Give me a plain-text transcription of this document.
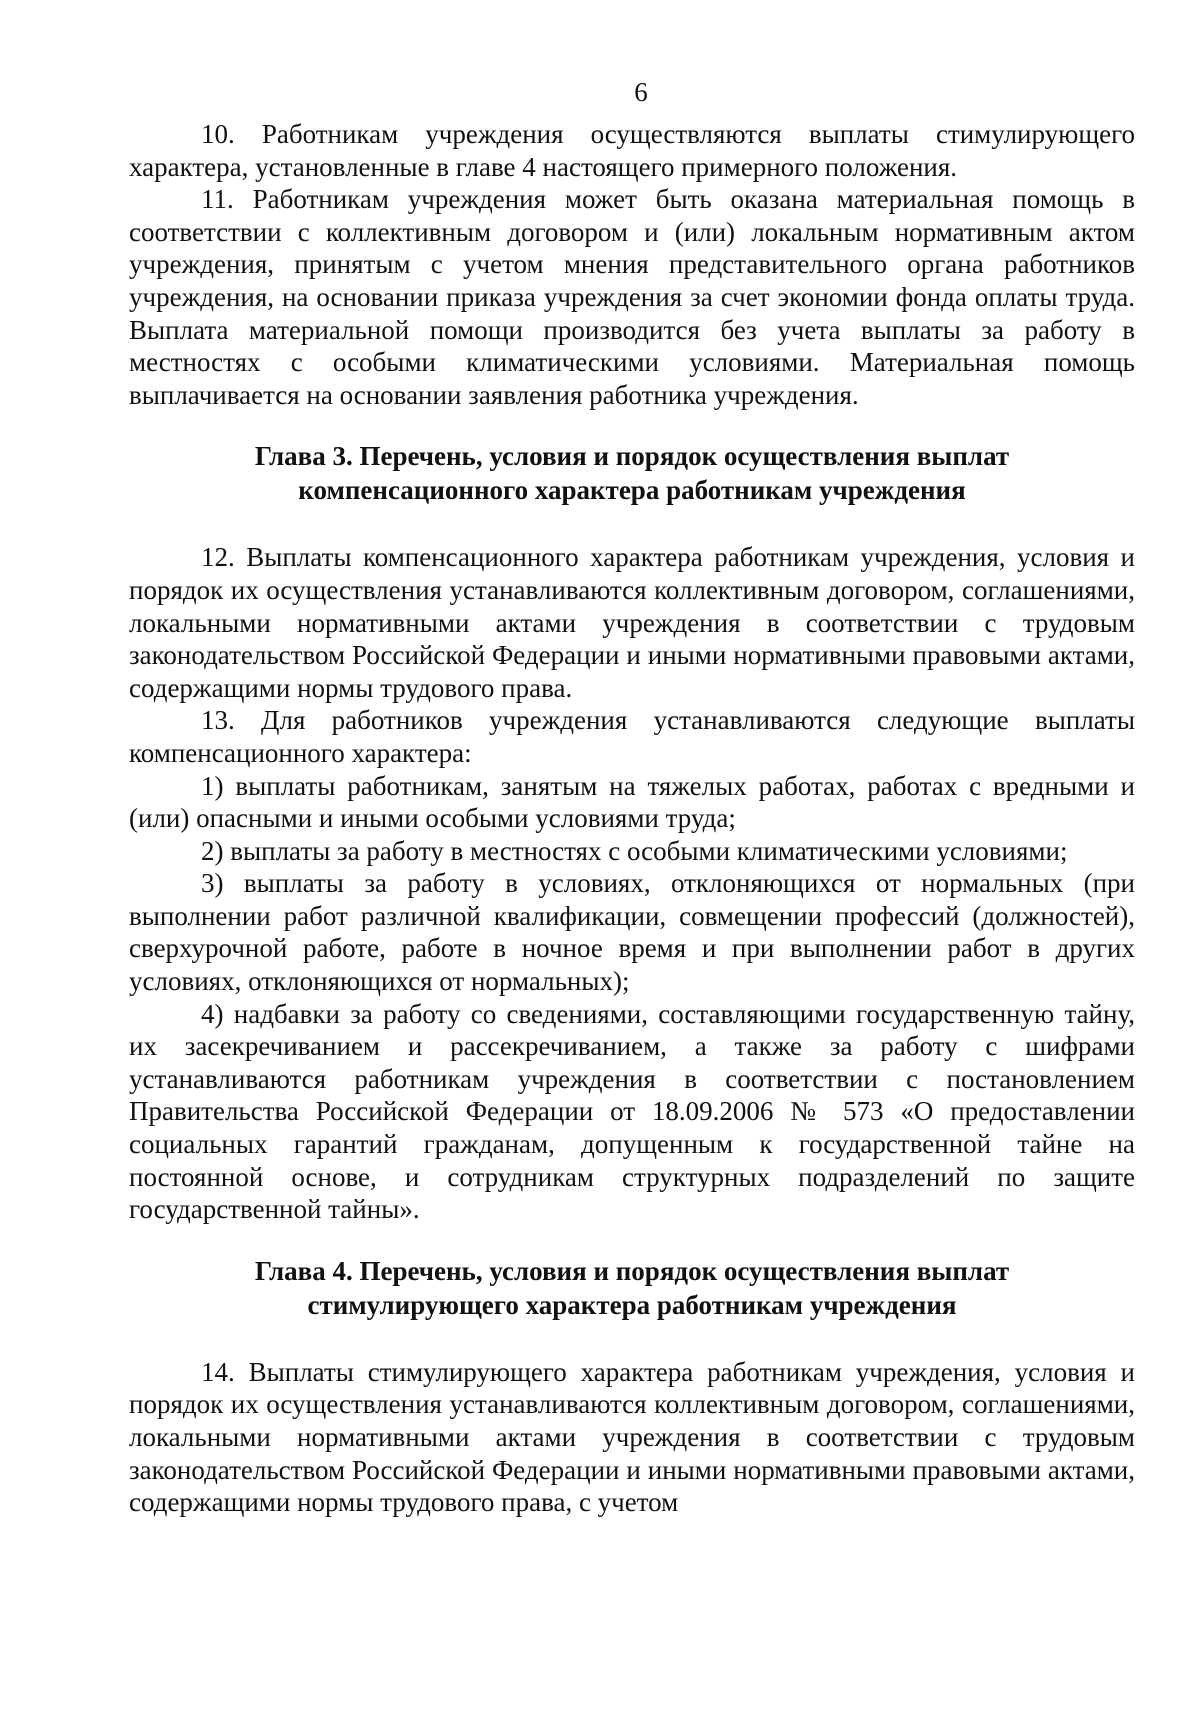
6

10. Работникам учреждения осуществляются выплаты стимулирующего характера, установленные в главе 4 настоящего примерного положения.

11. Работникам учреждения может быть оказана материальная помощь в соответствии с коллективным договором и (или) локальным нормативным актом учреждения, принятым с учетом мнения представительного органа работников учреждения, на основании приказа учреждения за счет экономии фонда оплаты труда. Выплата материальной помощи производится без учета выплаты за работу в местностях с особыми климатическими условиями. Материальная помощь выплачивается на основании заявления работника учреждения.

Глава 3. Перечень, условия и порядок осуществления выплат компенсационного характера работникам учреждения

12. Выплаты компенсационного характера работникам учреждения, условия и порядок их осуществления устанавливаются коллективным договором, соглашениями, локальными нормативными актами учреждения в соответствии с трудовым законодательством Российской Федерации и иными нормативными правовыми актами, содержащими нормы трудового права.

13. Для работников учреждения устанавливаются следующие выплаты компенсационного характера:

1) выплаты работникам, занятым на тяжелых работах, работах с вредными и (или) опасными и иными особыми условиями труда;

2) выплаты за работу в местностях с особыми климатическими условиями;

3) выплаты за работу в условиях, отклоняющихся от нормальных (при выполнении работ различной квалификации, совмещении профессий (должностей), сверхурочной работе, работе в ночное время и при выполнении работ в других условиях, отклоняющихся от нормальных);

4) надбавки за работу со сведениями, составляющими государственную тайну, их засекречиванием и рассекречиванием, а также за работу с шифрами устанавливаются работникам учреждения в соответствии с постановлением Правительства Российской Федерации от 18.09.2006 № 573 «О предоставлении социальных гарантий гражданам, допущенным к государственной тайне на постоянной основе, и сотрудникам структурных подразделений по защите государственной тайны».

Глава 4. Перечень, условия и порядок осуществления выплат стимулирующего характера работникам учреждения

14. Выплаты стимулирующего характера работникам учреждения, условия и порядок их осуществления устанавливаются коллективным договором, соглашениями, локальными нормативными актами учреждения в соответствии с трудовым законодательством Российской Федерации и иными нормативными правовыми актами, содержащими нормы трудового права, с учетом
